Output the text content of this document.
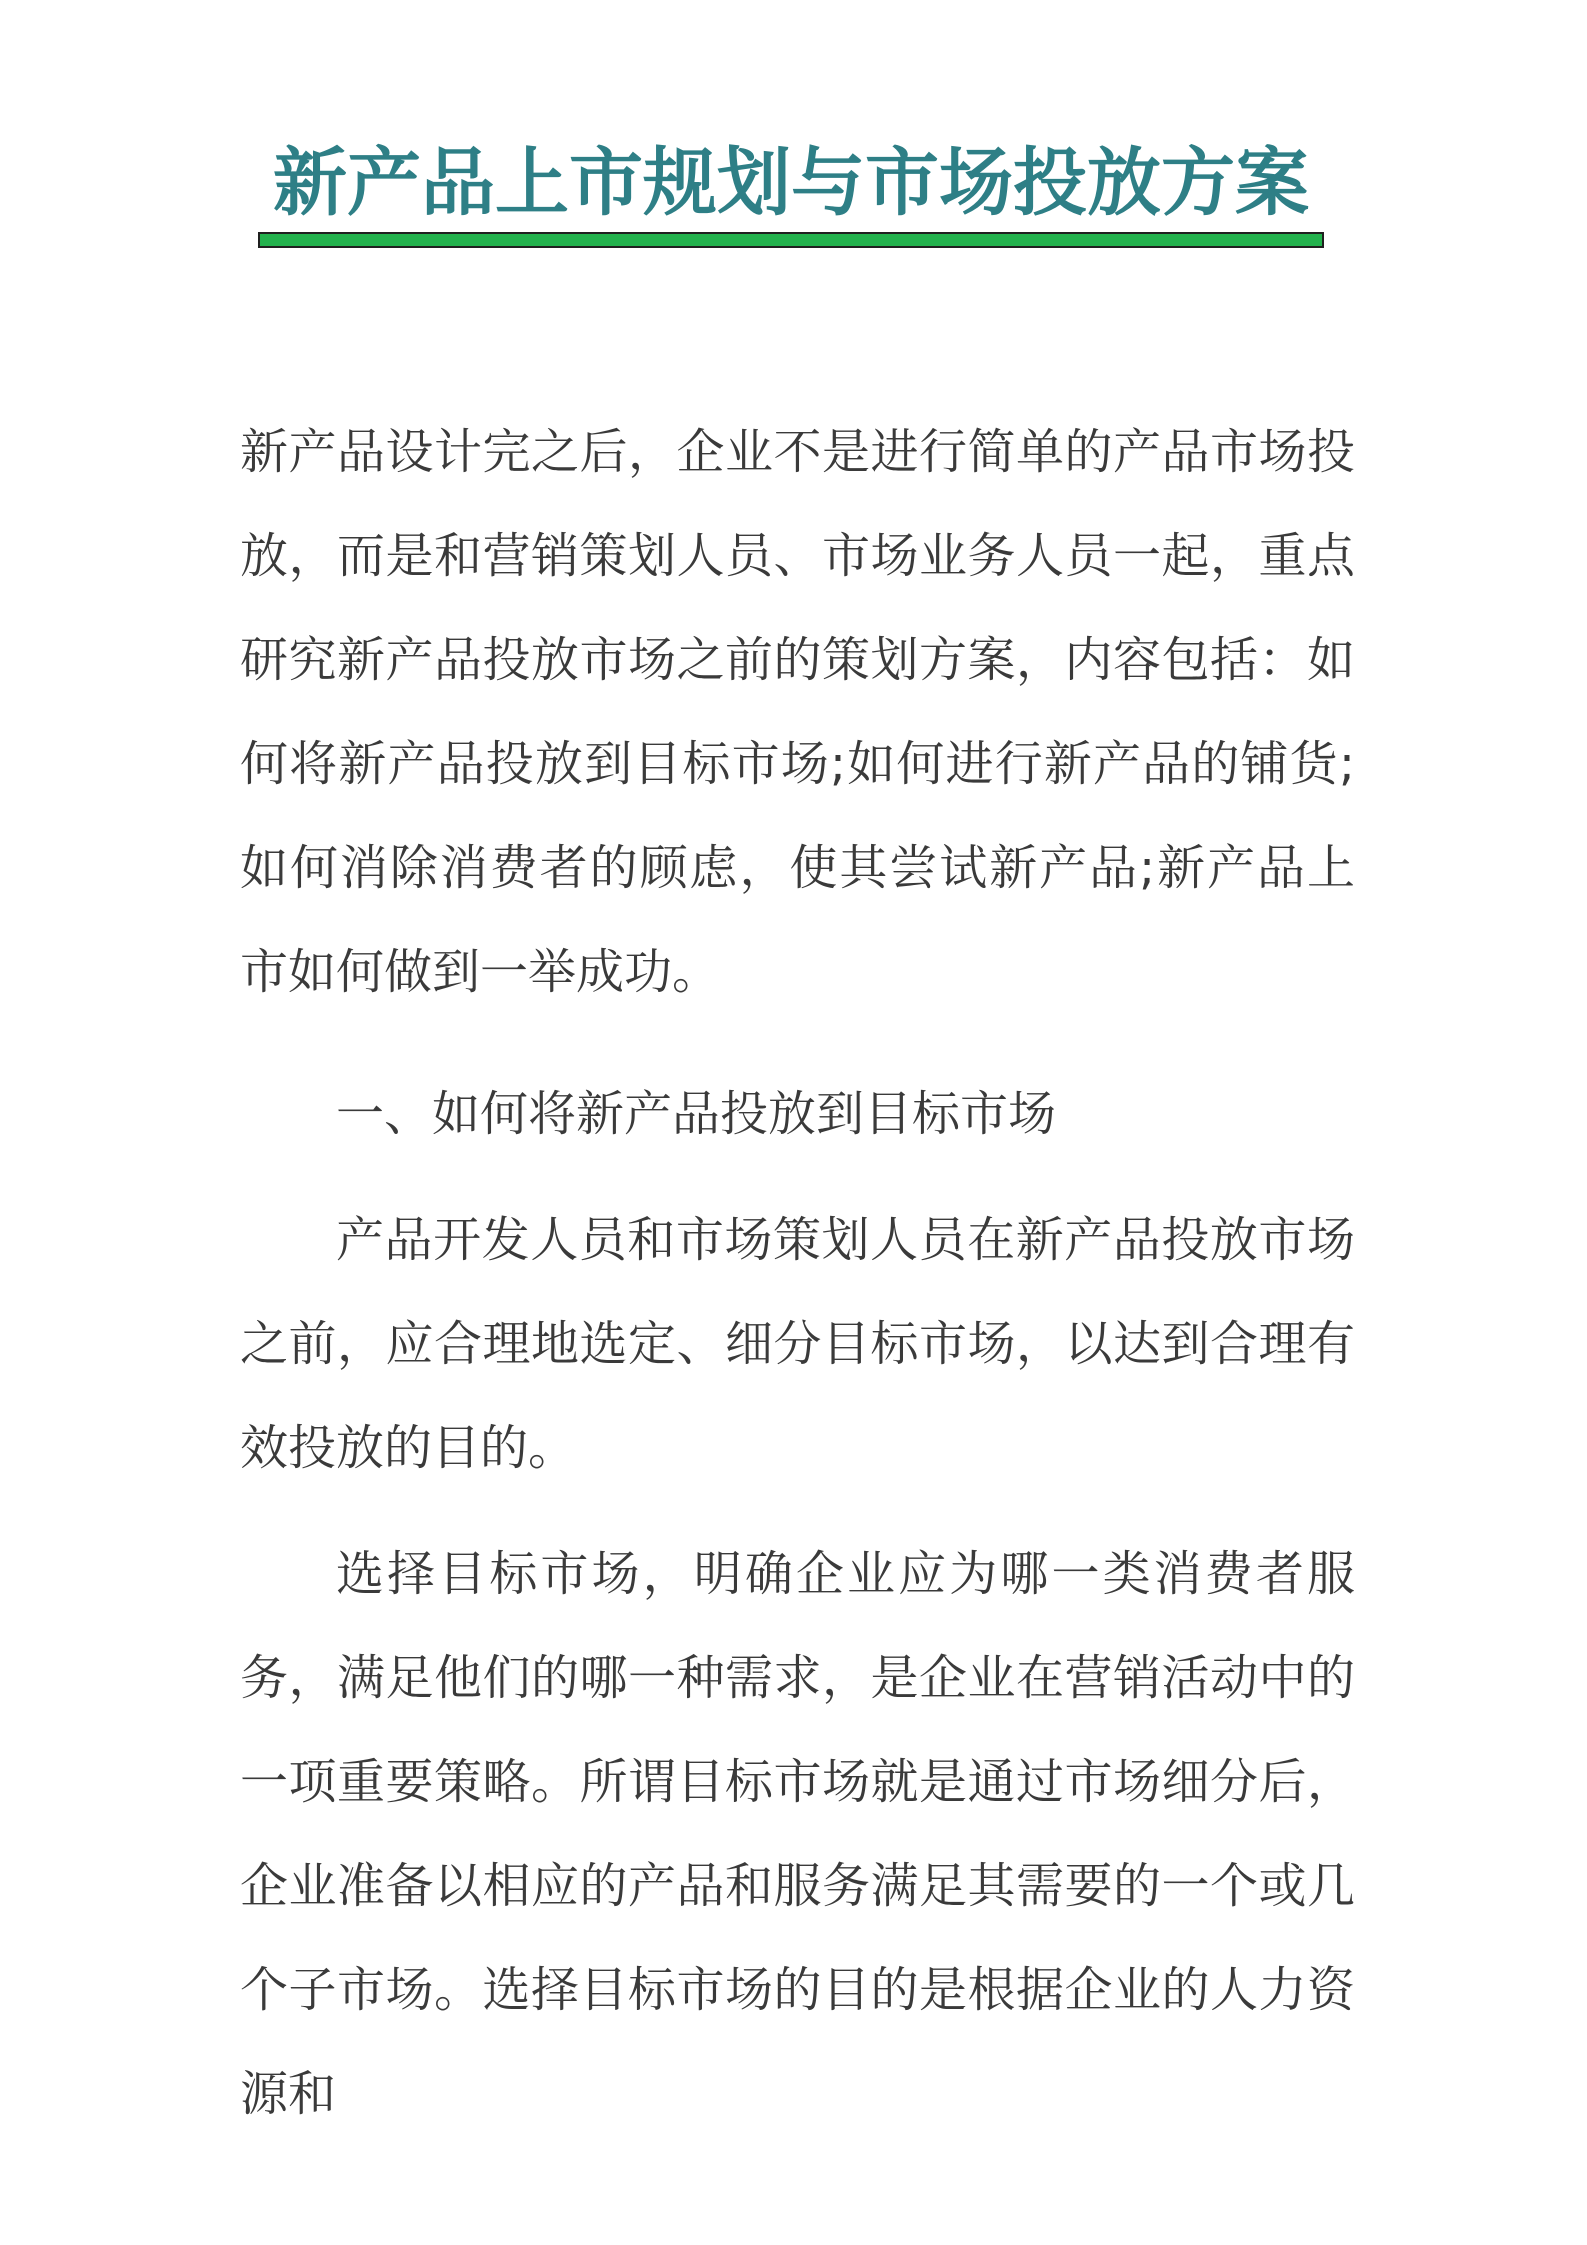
新产品上市规划与市场投放方案

新产品设计完之后，企业不是进行简单的产品市场投放，而是和营销策划人员、市场业务人员一起，重点研究新产品投放市场之前的策划方案，内容包括：如何将新产品投放到目标市场;如何进行新产品的铺货;如何消除消费者的顾虑，使其尝试新产品;新产品上市如何做到一举成功。

一、如何将新产品投放到目标市场

产品开发人员和市场策划人员在新产品投放市场之前，应合理地选定、细分目标市场，以达到合理有效投放的目的。

选择目标市场，明确企业应为哪一类消费者服务，满足他们的哪一种需求，是企业在营销活动中的一项重要策略。所谓目标市场就是通过市场细分后，企业准备以相应的产品和服务满足其需要的一个或几个子市场。选择目标市场的目的是根据企业的人力资源和
